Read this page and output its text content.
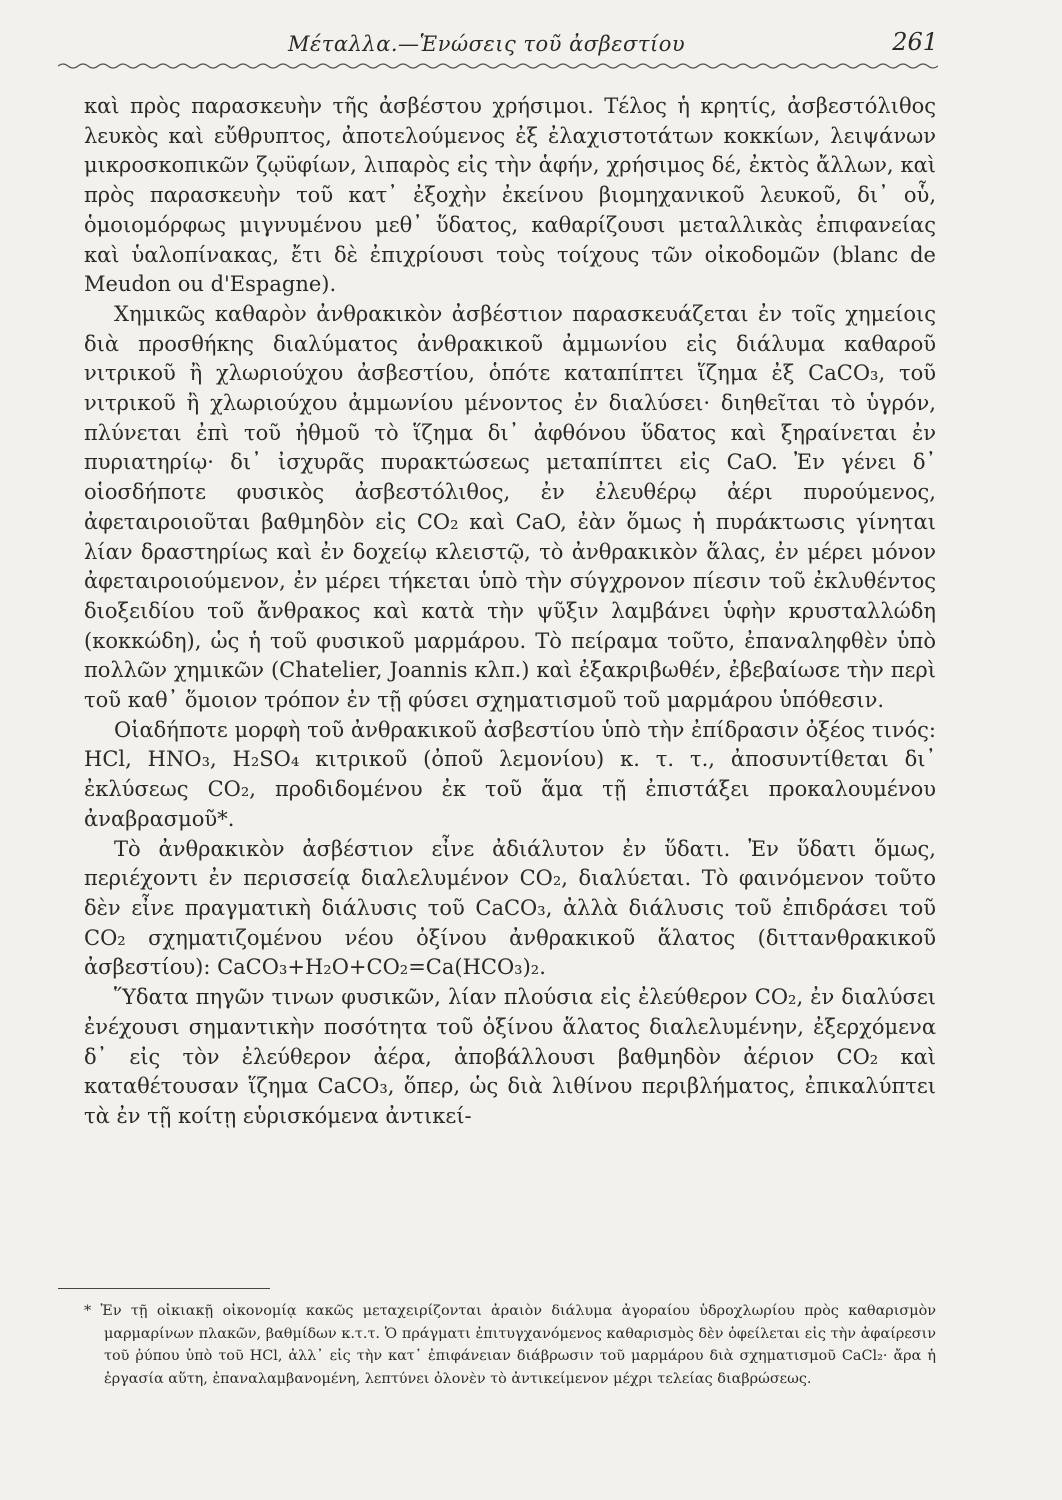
Μέταλλα.—Ἑνώσεις τοῦ ἀσβεστίου	261

καὶ πρὸς παρασκευὴν τῆς ἀσβέστου χρήσιμοι. Τέλος ἡ κρητίς, ἀσβεστόλιθος λευκὸς καὶ εὔθρυπτος, ἀποτελούμενος ἐξ ἐλαχιστοτάτων κοκκίων, λειψάνων μικροσκοπικῶν ζῳϋφίων, λιπαρὸς εἰς τὴν ἁφήν, χρήσιμος δέ, ἐκτὸς ἄλλων, καὶ πρὸς παρασκευὴν τοῦ κατ᾽ ἐξοχὴν ἐκείνου βιομηχανικοῦ λευκοῦ, δι᾽ οὗ, ὁμοιομόρφως μιγνυμένου μεθ᾽ ὕδατος, καθαρίζουσι μεταλλικὰς ἐπιφανείας καὶ ὑαλοπίνακας, ἔτι δὲ ἐπιχρίουσι τοὺς τοίχους τῶν οἰκοδομῶν (blanc de Meudon ou d'Espagne).

Χημικῶς καθαρὸν ἀνθρακικὸν ἀσβέστιον παρασκευάζεται ἐν τοῖς χημείοις διὰ προσθήκης διαλύματος ἀνθρακικοῦ ἀμμωνίου εἰς διάλυμα καθαροῦ νιτρικοῦ ἢ χλωριούχου ἀσβεστίου, ὁπότε καταπίπτει ἵζημα ἐξ CaCO₃, τοῦ νιτρικοῦ ἢ χλωριούχου ἀμμωνίου μένοντος ἐν διαλύσει· διηθεῖται τὸ ὑγρόν, πλύνεται ἐπὶ τοῦ ἠθμοῦ τὸ ἵζημα δι᾽ ἀφθόνου ὕδατος καὶ ξηραίνεται ἐν πυριατηρίῳ· δι᾽ ἰσχυρᾶς πυρακτώσεως μεταπίπτει εἰς CaO. Ἐν γένει δ᾽ οἱοσδήποτε φυσικὸς ἀσβεστόλιθος, ἐν ἐλευθέρῳ ἀέρι πυρούμενος, ἀφεταιροιοῦται βαθμηδὸν εἰς CO₂ καὶ CaO, ἐὰν ὅμως ἡ πυράκτωσις γίνηται λίαν δραστηρίως καὶ ἐν δοχείῳ κλειστῷ, τὸ ἀνθρακικὸν ἅλας, ἐν μέρει μόνον ἀφεταιροιούμενον, ἐν μέρει τήκεται ὑπὸ τὴν σύγχρονον πίεσιν τοῦ ἐκλυθέντος διοξειδίου τοῦ ἄνθρακος καὶ κατὰ τὴν ψῦξιν λαμβάνει ὑφὴν κρυσταλλώδη (κοκκώδη), ὡς ἡ τοῦ φυσικοῦ μαρμάρου. Τὸ πείραμα τοῦτο, ἐπαναληφθὲν ὑπὸ πολλῶν χημικῶν (Chatelier, Joannis κλπ.) καὶ ἐξακριβωθέν, ἐβεβαίωσε τὴν περὶ τοῦ καθ᾽ ὅμοιον τρόπον ἐν τῇ φύσει σχηματισμοῦ τοῦ μαρμάρου ὑπόθεσιν.

Οἱαδήποτε μορφὴ τοῦ ἀνθρακικοῦ ἀσβεστίου ὑπὸ τὴν ἐπίδρασιν ὀξέος τινός: HCl, HNO₃, H₂SO₄ κιτρικοῦ (ὀποῦ λεμονίου) κ. τ. τ., ἀποσυντίθεται δι᾽ ἐκλύσεως CO₂, προδιδομένου ἐκ τοῦ ἅμα τῇ ἐπιστάξει προκαλουμένου ἀναβρασμοῦ*.

Τὸ ἀνθρακικὸν ἀσβέστιον εἶνε ἀδιάλυτον ἐν ὕδατι. Ἐν ὕδατι ὅμως, περιέχοντι ἐν περισσείᾳ διαλελυμένον CO₂, διαλύεται. Τὸ φαινόμενον τοῦτο δὲν εἶνε πραγματικὴ διάλυσις τοῦ CaCO₃, ἀλλὰ διάλυσις τοῦ ἐπιδράσει τοῦ CO₂ σχηματιζομένου νέου ὀξίνου ἀνθρακικοῦ ἅλατος (διττανθρακικοῦ ἀσβεστίου): CaCO₃+H₂O+CO₂=Ca(HCO₃)₂.

Ὕδατα πηγῶν τινων φυσικῶν, λίαν πλούσια εἰς ἐλεύθερον CO₂, ἐν διαλύσει ἐνέχουσι σημαντικὴν ποσότητα τοῦ ὀξίνου ἅλατος διαλελυμένην, ἐξερχόμενα δ᾽ εἰς τὸν ἐλεύθερον ἀέρα, ἀποβάλλουσι βαθμηδὸν ἀέριον CO₂ καὶ καταθέτουσαν ἵζημα CaCO₃, ὅπερ, ὡς διὰ λιθίνου περιβλήματος, ἐπικαλύπτει τὰ ἐν τῇ κοίτῃ εὑρισκόμενα ἀντικεί-

* Ἐν τῇ οἰκιακῇ οἰκονομίᾳ κακῶς μεταχειρίζονται ἀραιὸν διάλυμα ἀγοραίου ὑδροχλωρίου πρὸς καθαρισμὸν μαρμαρίνων πλακῶν, βαθμίδων κ.τ.τ. Ὁ πράγματι ἐπιτυγχανόμενος καθαρισμὸς δὲν ὀφείλεται εἰς τὴν ἀφαίρεσιν τοῦ ῥύπου ὑπὸ τοῦ HCl, ἀλλ᾽ εἰς τὴν κατ᾽ ἐπιφάνειαν διάβρωσιν τοῦ μαρμάρου διὰ σχηματισμοῦ CaCl₂· ἄρα ἡ ἐργασία αὕτη, ἐπαναλαμβανομένη, λεπτύνει ὀλονὲν τὸ ἀντικείμενον μέχρι τελείας διαβρώσεως.
